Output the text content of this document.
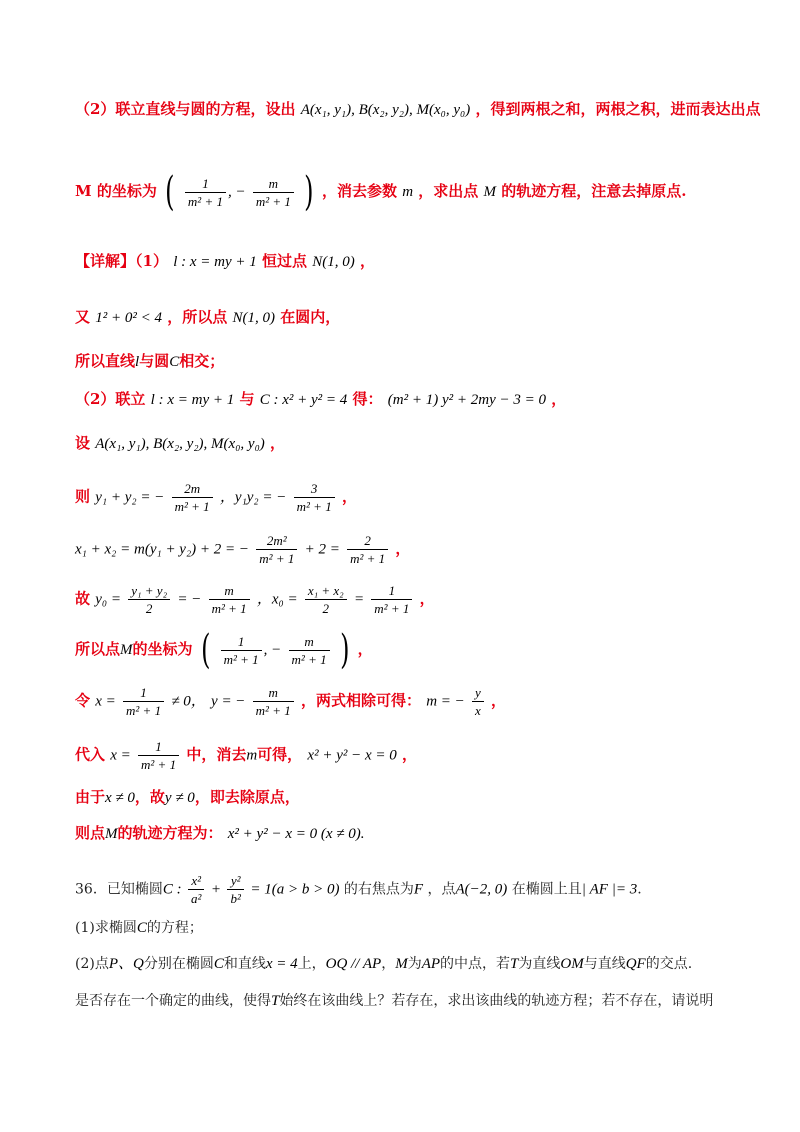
（2）联立直线与圆的方程，设出 A(x₁, y₁), B(x₂, y₂), M(x₀, y₀) ，得到两根之和，两根之积，进而表达出点
M 的坐标为 ( $\frac{1}{\text{m² + 1}}$ , − $\frac{m}{\text{m² + 1}}$ ) ，消去参数 m ，求出点 M 的轨迹方程，注意去掉原点.
【详解】（1） l : x = my + 1 恒过点 N(1, 0) ，
又 1² + 0² < 4 ，所以点 N(1, 0) 在圆内，
所以直线l与圆C相交；
（2）联立 l : x = my + 1 与 C : x² + y² = 4 得： (m² + 1) y² + 2my − 3 = 0 ，
设 A(x₁, y₁), B(x₂, y₂), M(x₀, y₀) ，
则 y₁ + y₂ = − $\frac{2m}{\text{m² + 1}}$ ，y₁y₂ = − $\frac{3}{\text{m² + 1}}$ ，
x₁ + x₂ = m(y₁ + y₂) + 2 = − $\frac{\text{2m²}}{\text{m² + 1}} + 2 = \frac{2}{\text{m² + 1}}$ ，
故 $y_0 = \frac{\text{y₁ + y₂}}{2}$ = − $\frac{m}{\text{m² + 1}}$ ，$x_0 = \frac{\text{x₁ + x₂}}{2} = \frac{1}{\text{m² + 1}}$ ，
所以点M的坐标为 ( $\frac{1}{\text{m² + 1}}$ , − $\frac{m}{\text{m² + 1}}$ ) ，
令 $x = \frac{1}{\text{m² + 1}} \ne 0$， y = − $\frac{m}{\text{m² + 1}}$ ，两式相除可得： m = − $\frac{y}{x}$ ，
代入 $x = \frac{1}{\text{m² + 1}}$ 中，消去m可得， x² + y² − x = 0 ，
由于x ≠ 0，故y ≠ 0，即去除原点，
则点M的轨迹方程为： x² + y² − x = 0 (x ≠ 0).
36．已知椭圆C : $\frac{\text{x²}}{\text{a²}} + \frac{\text{y²}}{\text{b²}} = 1(a > b > 0)$ 的右焦点为F ，点A(−2, 0) 在椭圆上且| AF |= 3.
(1)求椭圆C的方程；
(2)点P、Q分别在椭圆C和直线x = 4上，OQ // AP，M为AP的中点，若T为直线OM与直线QF的交点.
是否存在一个确定的曲线，使得T始终在该曲线上？若存在，求出该曲线的轨迹方程；若不存在，请说明
